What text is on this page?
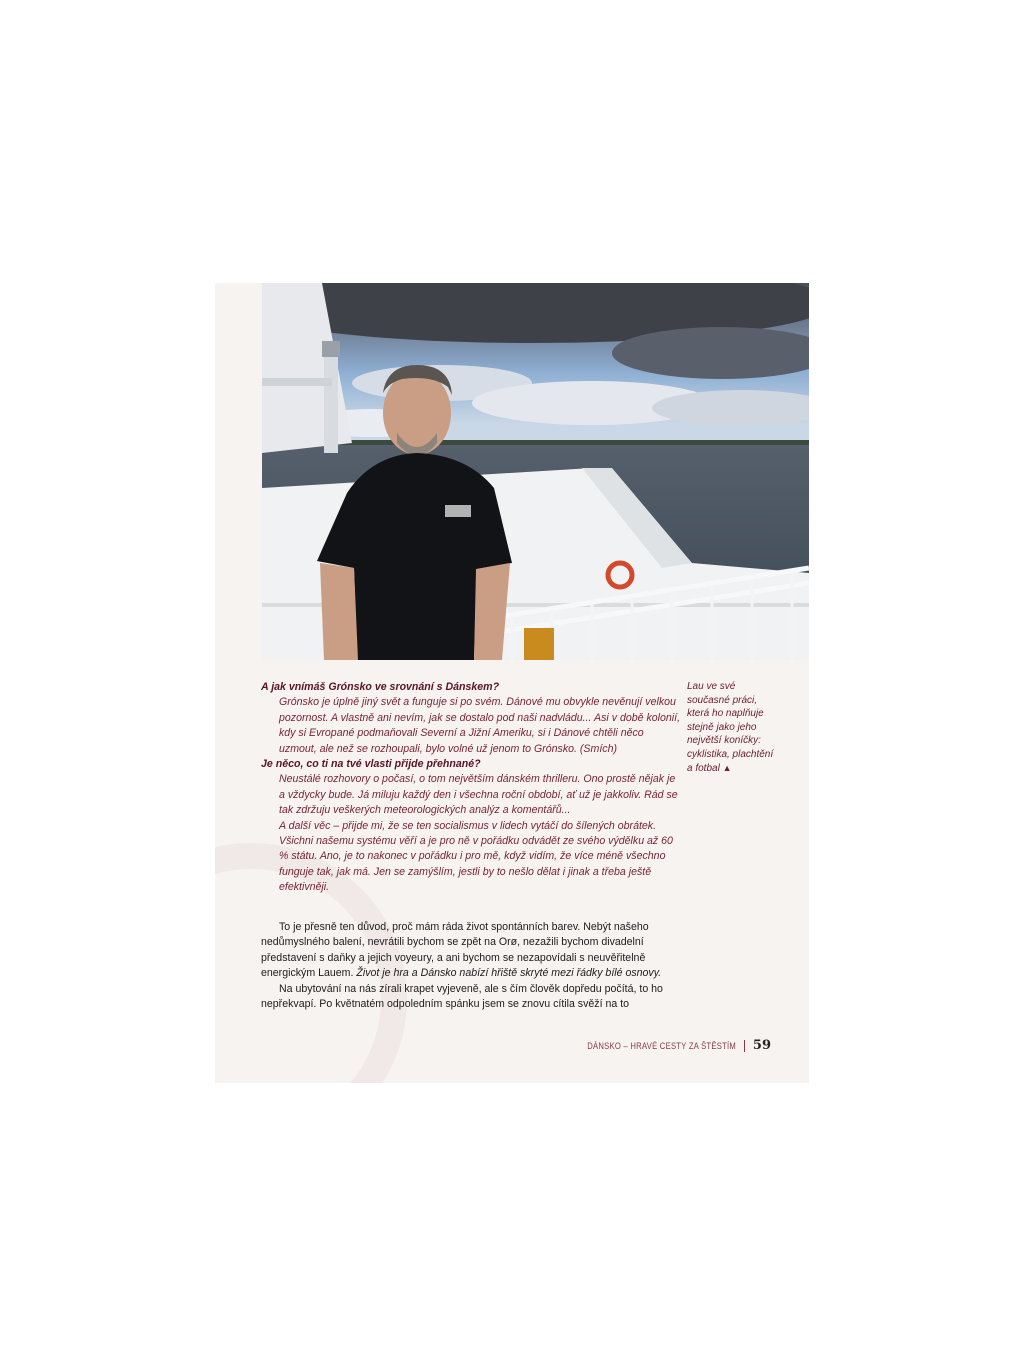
A jak vnímáš Grónsko ve srovnání s Dánskem?

Grónsko je úplně jiný svět a funguje si po svém. Dánové mu obvykle nevěnují velkou pozornost. A vlastně ani nevím, jak se dostalo pod naši nadvládu... Asi v době kolonií, kdy si Evropané podmaňovali Severní a Jižní Ameriku, si i Dánové chtěli něco uzmout, ale než se rozhoupali, bylo volné už jenom to Grónsko. (Smích)

Je něco, co ti na tvé vlasti přijde přehnané?

Neustálé rozhovory o počasí, o tom největším dánském thrilleru. Ono prostě nějak je a vždycky bude. Já miluju každý den i všechna roční období, ať už je jakkoliv. Rád se tak zdržuju veškerých meteorologických analýz a komentářů...

A další věc – přijde mi, že se ten socialismus v lidech vytáčí do šílených obrátek. Všichni našemu systému věří a je pro ně v pořádku odvádět ze svého výdělku až 60 % státu. Ano, je to nakonec v pořádku i pro mě, když vidím, že více méně všechno funguje tak, jak má. Jen se zamýšlím, jestli by to nešlo dělat i jinak a třeba ještě efektivněji.

To je přesně ten důvod, proč mám ráda život spontánních barev. Nebýt našeho nedůmyslného balení, nevrátili bychom se zpět na Orø, nezažili bychom divadelní představení s daňky a jejich voyeury, a ani bychom se nezapovídali s neuvěřitelně energickým Lauem. Život je hra a Dánsko nabízí hřiště skryté mezi řádky bílé osnovy.

Na ubytování na nás zírali krapet vyjeveně, ale s čím člověk dopředu počítá, to ho nepřekvapí. Po květnatém odpoledním spánku jsem se znovu cítila svěží na to

Lau ve své současné práci, která ho naplňuje stejně jako jeho největší koníčky: cyklistika, plachtění a fotbal ▲
DÁNSKO – HRAVÉ CESTY ZA ŠTĚSTÍM 59
